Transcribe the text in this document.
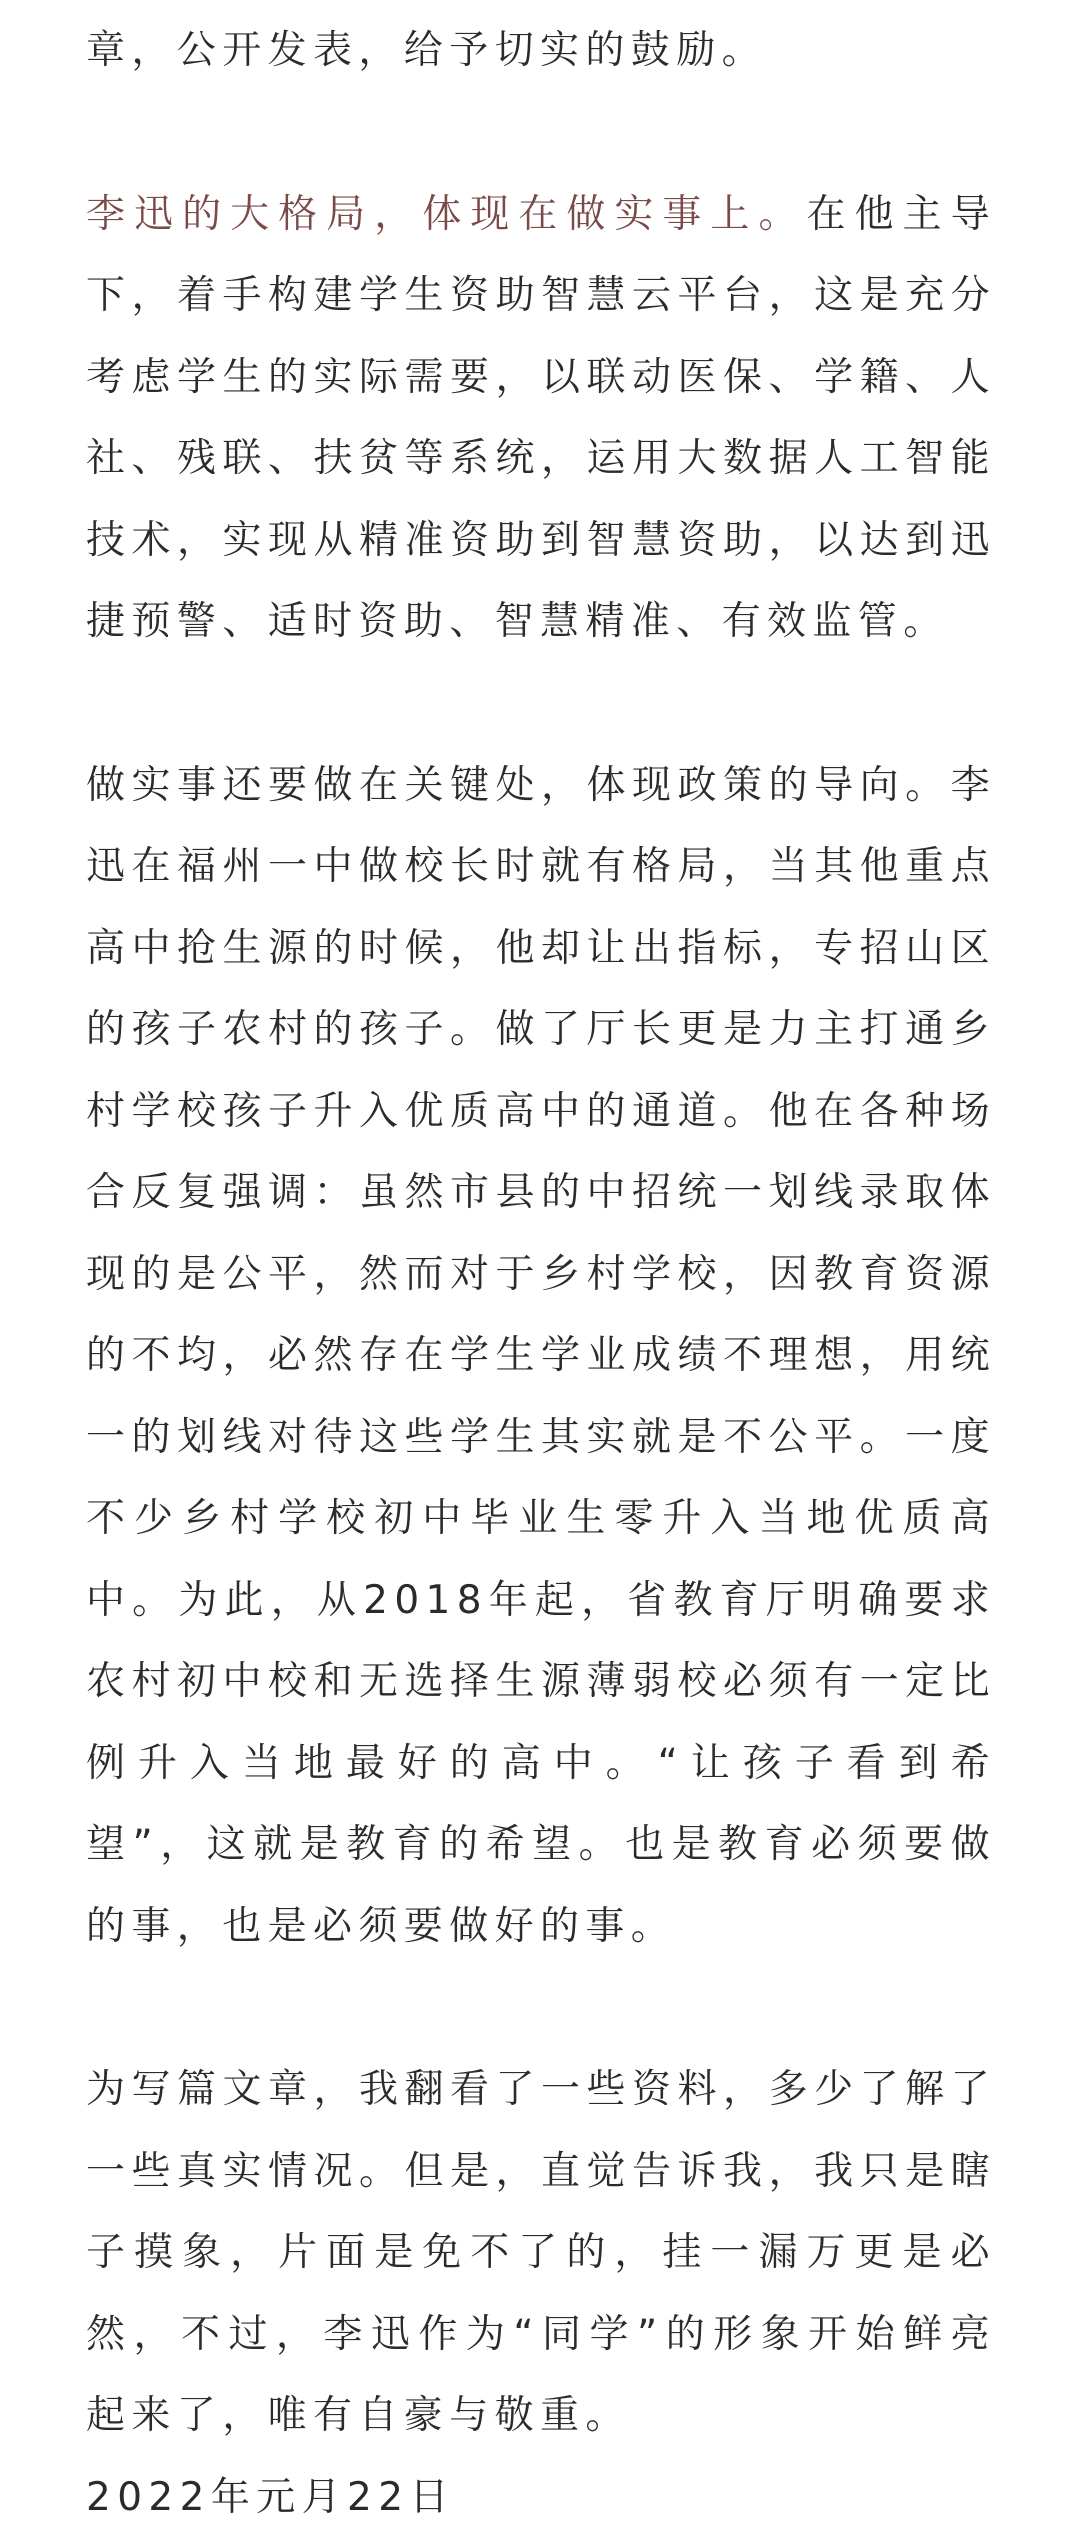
章，公开发表，给予切实的鼓励。

李迅的大格局，体现在做实事上。在他主导下，着手构建学生资助智慧云平台，这是充分考虑学生的实际需要，以联动医保、学籍、人社、残联、扶贫等系统，运用大数据人工智能技术，实现从精准资助到智慧资助，以达到迅捷预警、适时资助、智慧精准、有效监管。

做实事还要做在关键处，体现政策的导向。李迅在福州一中做校长时就有格局，当其他重点高中抢生源的时候，他却让出指标，专招山区的孩子农村的孩子。做了厅长更是力主打通乡村学校孩子升入优质高中的通道。他在各种场合反复强调：虽然市县的中招统一划线录取体现的是公平，然而对于乡村学校，因教育资源的不均，必然存在学生学业成绩不理想，用统一的划线对待这些学生其实就是不公平。一度不少乡村学校初中毕业生零升入当地优质高中。为此，从2018年起，省教育厅明确要求农村初中校和无选择生源薄弱校必须有一定比例升入当地最好的高中。“让孩子看到希望”，这就是教育的希望。也是教育必须要做的事，也是必须要做好的事。

为写篇文章，我翻看了一些资料，多少了解了一些真实情况。但是，直觉告诉我，我只是瞎子摸象，片面是免不了的，挂一漏万更是必然，不过，李迅作为“同学”的形象开始鲜亮起来了，唯有自豪与敬重。

2022年元月22日
